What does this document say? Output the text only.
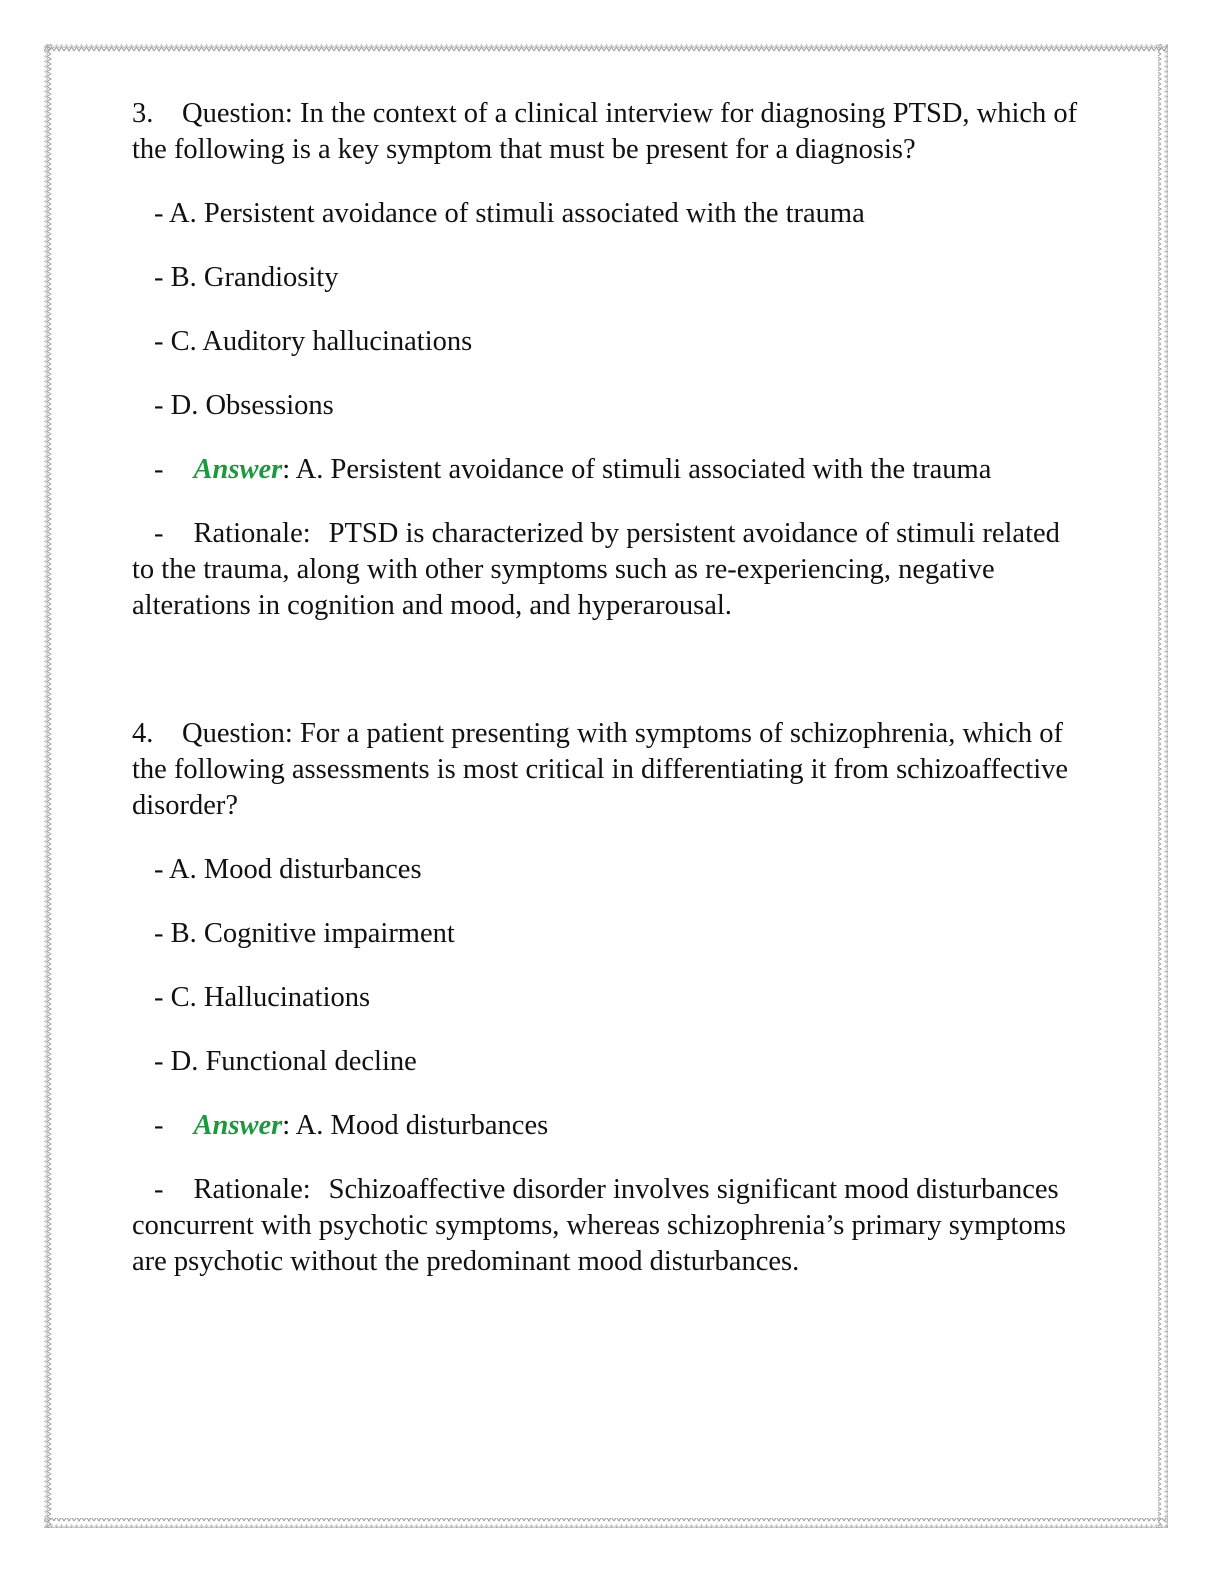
3. Question: In the context of a clinical interview for diagnosing PTSD, which of the following is a key symptom that must be present for a diagnosis?

- A. Persistent avoidance of stimuli associated with the trauma

- B. Grandiosity

- C. Auditory hallucinations

- D. Obsessions

- Answer: A. Persistent avoidance of stimuli associated with the trauma

- Rationale: PTSD is characterized by persistent avoidance of stimuli related to the trauma, along with other symptoms such as re-experiencing, negative alterations in cognition and mood, and hyperarousal.

4. Question: For a patient presenting with symptoms of schizophrenia, which of the following assessments is most critical in differentiating it from schizoaffective disorder?

- A. Mood disturbances

- B. Cognitive impairment

- C. Hallucinations

- D. Functional decline

- Answer: A. Mood disturbances

- Rationale: Schizoaffective disorder involves significant mood disturbances concurrent with psychotic symptoms, whereas schizophrenia’s primary symptoms are psychotic without the predominant mood disturbances.
